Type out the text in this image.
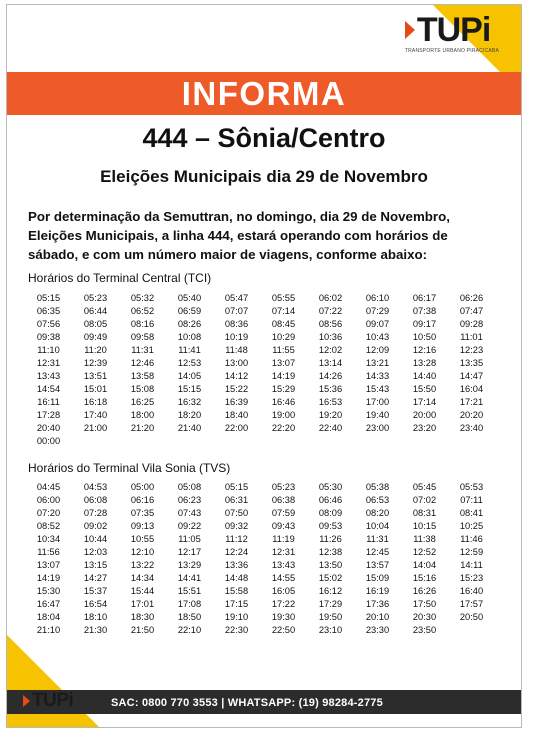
TUPi
TRANSPORTE URBANO PIRACICABA
INFORMA
444 – Sônia/Centro
Eleições Municipais dia 29 de Novembro
Por determinação da Semuttran, no domingo, dia 29 de Novembro, Eleições Municipais, a linha 444, estará operando com horários de sábado, e com um número maior de viagens, conforme abaixo:
Horários do Terminal Central (TCI)
05:15	05:23	05:32	05:40	05:47	05:55	06:02	06:10	06:17	06:26
06:35	06:44	06:52	06:59	07:07	07:14	07:22	07:29	07:38	07:47
07:56	08:05	08:16	08:26	08:36	08:45	08:56	09:07	09:17	09:28
09:38	09:49	09:58	10:08	10:19	10:29	10:36	10:43	10:50	11:01
11:10	11:20	11:31	11:41	11:48	11:55	12:02	12:09	12:16	12:23
12:31	12:39	12:46	12:53	13:00	13:07	13:14	13:21	13:28	13:35
13:43	13:51	13:58	14:05	14:12	14:19	14:26	14:33	14:40	14:47
14:54	15:01	15:08	15:15	15:22	15:29	15:36	15:43	15:50	16:04
16:11	16:18	16:25	16:32	16:39	16:46	16:53	17:00	17:14	17:21
17:28	17:40	18:00	18:20	18:40	19:00	19:20	19:40	20:00	20:20
20:40	21:00	21:20	21:40	22:00	22:20	22:40	23:00	23:20	23:40
00:00
Horários do Terminal Vila Sonia (TVS)
04:45	04:53	05:00	05:08	05:15	05:23	05:30	05:38	05:45	05:53
06:00	06:08	06:16	06:23	06:31	06:38	06:46	06:53	07:02	07:11
07:20	07:28	07:35	07:43	07:50	07:59	08:09	08:20	08:31	08:41
08:52	09:02	09:13	09:22	09:32	09:43	09:53	10:04	10:15	10:25
10:34	10:44	10:55	11:05	11:12	11:19	11:26	11:31	11:38	11:46
11:56	12:03	12:10	12:17	12:24	12:31	12:38	12:45	12:52	12:59
13:07	13:15	13:22	13:29	13:36	13:43	13:50	13:57	14:04	14:11
14:19	14:27	14:34	14:41	14:48	14:55	15:02	15:09	15:16	15:23
15:30	15:37	15:44	15:51	15:58	16:05	16:12	16:19	16:26	16:40
16:47	16:54	17:01	17:08	17:15	17:22	17:29	17:36	17:50	17:57
18:04	18:10	18:30	18:50	19:10	19:30	19:50	20:10	20:30	20:50
21:10	21:30	21:50	22:10	22:30	22:50	23:10	23:30	23:50
TUPi	SAC: 0800 770 3553 | WHATSAPP: (19) 98284-2775
